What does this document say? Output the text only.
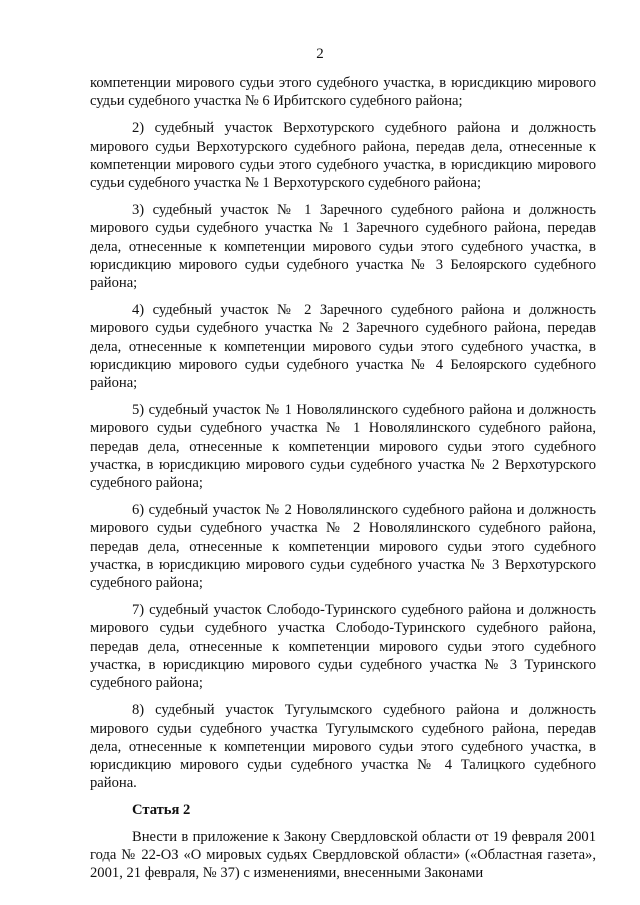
2

компетенции мирового судьи этого судебного участка, в юрисдикцию мирового судьи судебного участка № 6 Ирбитского судебного района;

2) судебный участок Верхотурского судебного района и должность мирового судьи Верхотурского судебного района, передав дела, отнесенные к компетенции мирового судьи этого судебного участка, в юрисдикцию мирового судьи судебного участка № 1 Верхотурского судебного района;

3) судебный участок № 1 Заречного судебного района и должность мирового судьи судебного участка № 1 Заречного судебного района, передав дела, отнесенные к компетенции мирового судьи этого судебного участка, в юрисдикцию мирового судьи судебного участка № 3 Белоярского судебного района;

4) судебный участок № 2 Заречного судебного района и должность мирового судьи судебного участка № 2 Заречного судебного района, передав дела, отнесенные к компетенции мирового судьи этого судебного участка, в юрисдикцию мирового судьи судебного участка № 4 Белоярского судебного района;

5) судебный участок № 1 Новолялинского судебного района и должность мирового судьи судебного участка № 1 Новолялинского судебного района, передав дела, отнесенные к компетенции мирового судьи этого судебного участка, в юрисдикцию мирового судьи судебного участка № 2 Верхотурского судебного района;

6) судебный участок № 2 Новолялинского судебного района и должность мирового судьи судебного участка № 2 Новолялинского судебного района, передав дела, отнесенные к компетенции мирового судьи этого судебного участка, в юрисдикцию мирового судьи судебного участка № 3 Верхотурского судебного района;

7) судебный участок Слободо-Туринского судебного района и должность мирового судьи судебного участка Слободо-Туринского судебного района, передав дела, отнесенные к компетенции мирового судьи этого судебного участка, в юрисдикцию мирового судьи судебного участка № 3 Туринского судебного района;

8) судебный участок Тугулымского судебного района и должность мирового судьи судебного участка Тугулымского судебного района, передав дела, отнесенные к компетенции мирового судьи этого судебного участка, в юрисдикцию мирового судьи судебного участка № 4 Талицкого судебного района.

Статья 2

Внести в приложение к Закону Свердловской области от 19 февраля 2001 года № 22-ОЗ «О мировых судьях Свердловской области» («Областная газета», 2001, 21 февраля, № 37) с изменениями, внесенными Законами
